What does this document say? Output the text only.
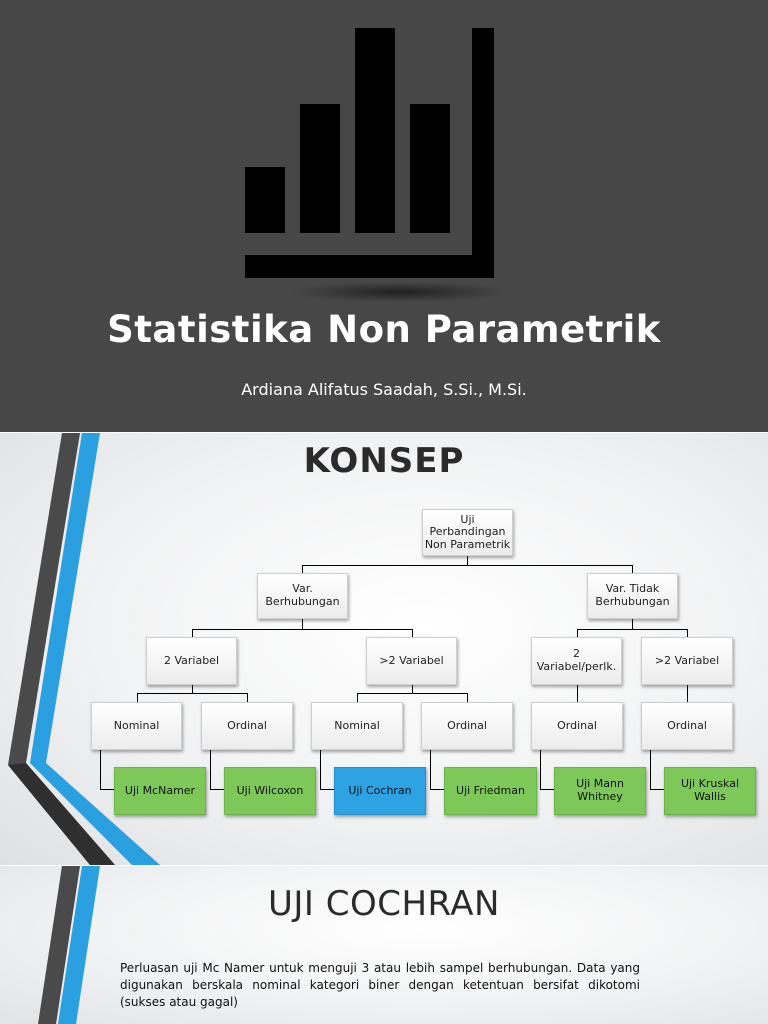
Statistika Non Parametrik
Ardiana Alifatus Saadah, S.Si., M.Si.
KONSEP
Uji Perbandingan Non Parametrik
Var. Berhubungan
Var. Tidak Berhubungan
2 Variabel	>2 Variabel	2 Variabel/perlk.	>2 Variabel
Nominal	Ordinal	Nominal	Ordinal	Ordinal	Ordinal
Uji McNamer	Uji Wilcoxon	Uji Cochran	Uji Friedman	Uji Mann Whitney
Uji Kruskal Wallis
UJI COCHRAN
Perluasan uji Mc Namer untuk menguji 3 atau lebih sampel berhubungan. Data yang digunakan berskala nominal kategori biner dengan ketentuan bersifat dikotomi (sukses atau gagal)
